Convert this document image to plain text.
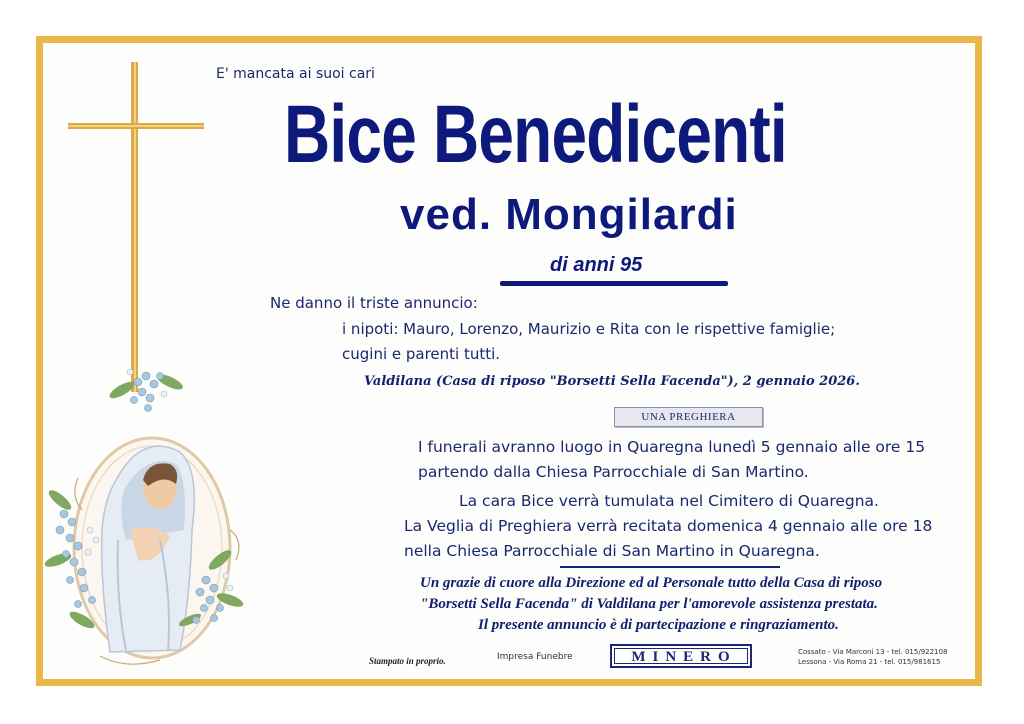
E' mancata ai suoi cari
Bice Benedicenti
ved. Mongilardi
di anni 95
Ne danno il triste annuncio:
i nipoti: Mauro, Lorenzo, Maurizio e Rita con le rispettive famiglie;
cugini e parenti tutti.
Valdilana (Casa di riposo "Borsetti Sella Facenda"), 2 gennaio 2026.
UNA PREGHIERA
I funerali avranno luogo in Quaregna lunedì 5 gennaio alle ore 15
partendo dalla Chiesa Parrocchiale di San Martino.
La cara Bice verrà tumulata nel Cimitero di Quaregna.
La Veglia di Preghiera verrà recitata domenica 4 gennaio alle ore 18
nella Chiesa Parrocchiale di San Martino in Quaregna.
Un grazie di cuore alla Direzione ed al Personale tutto della Casa di riposo
"Borsetti Sella Facenda" di Valdilana per l'amorevole assistenza prestata.
Il presente annuncio è di partecipazione e ringraziamento.
Stampato in proprio.	Impresa Funebre	MINERO	Cossato - Via Marconi 13 - tel. 015/922108
Lessona - Via Roma 21 - tel. 015/981615
